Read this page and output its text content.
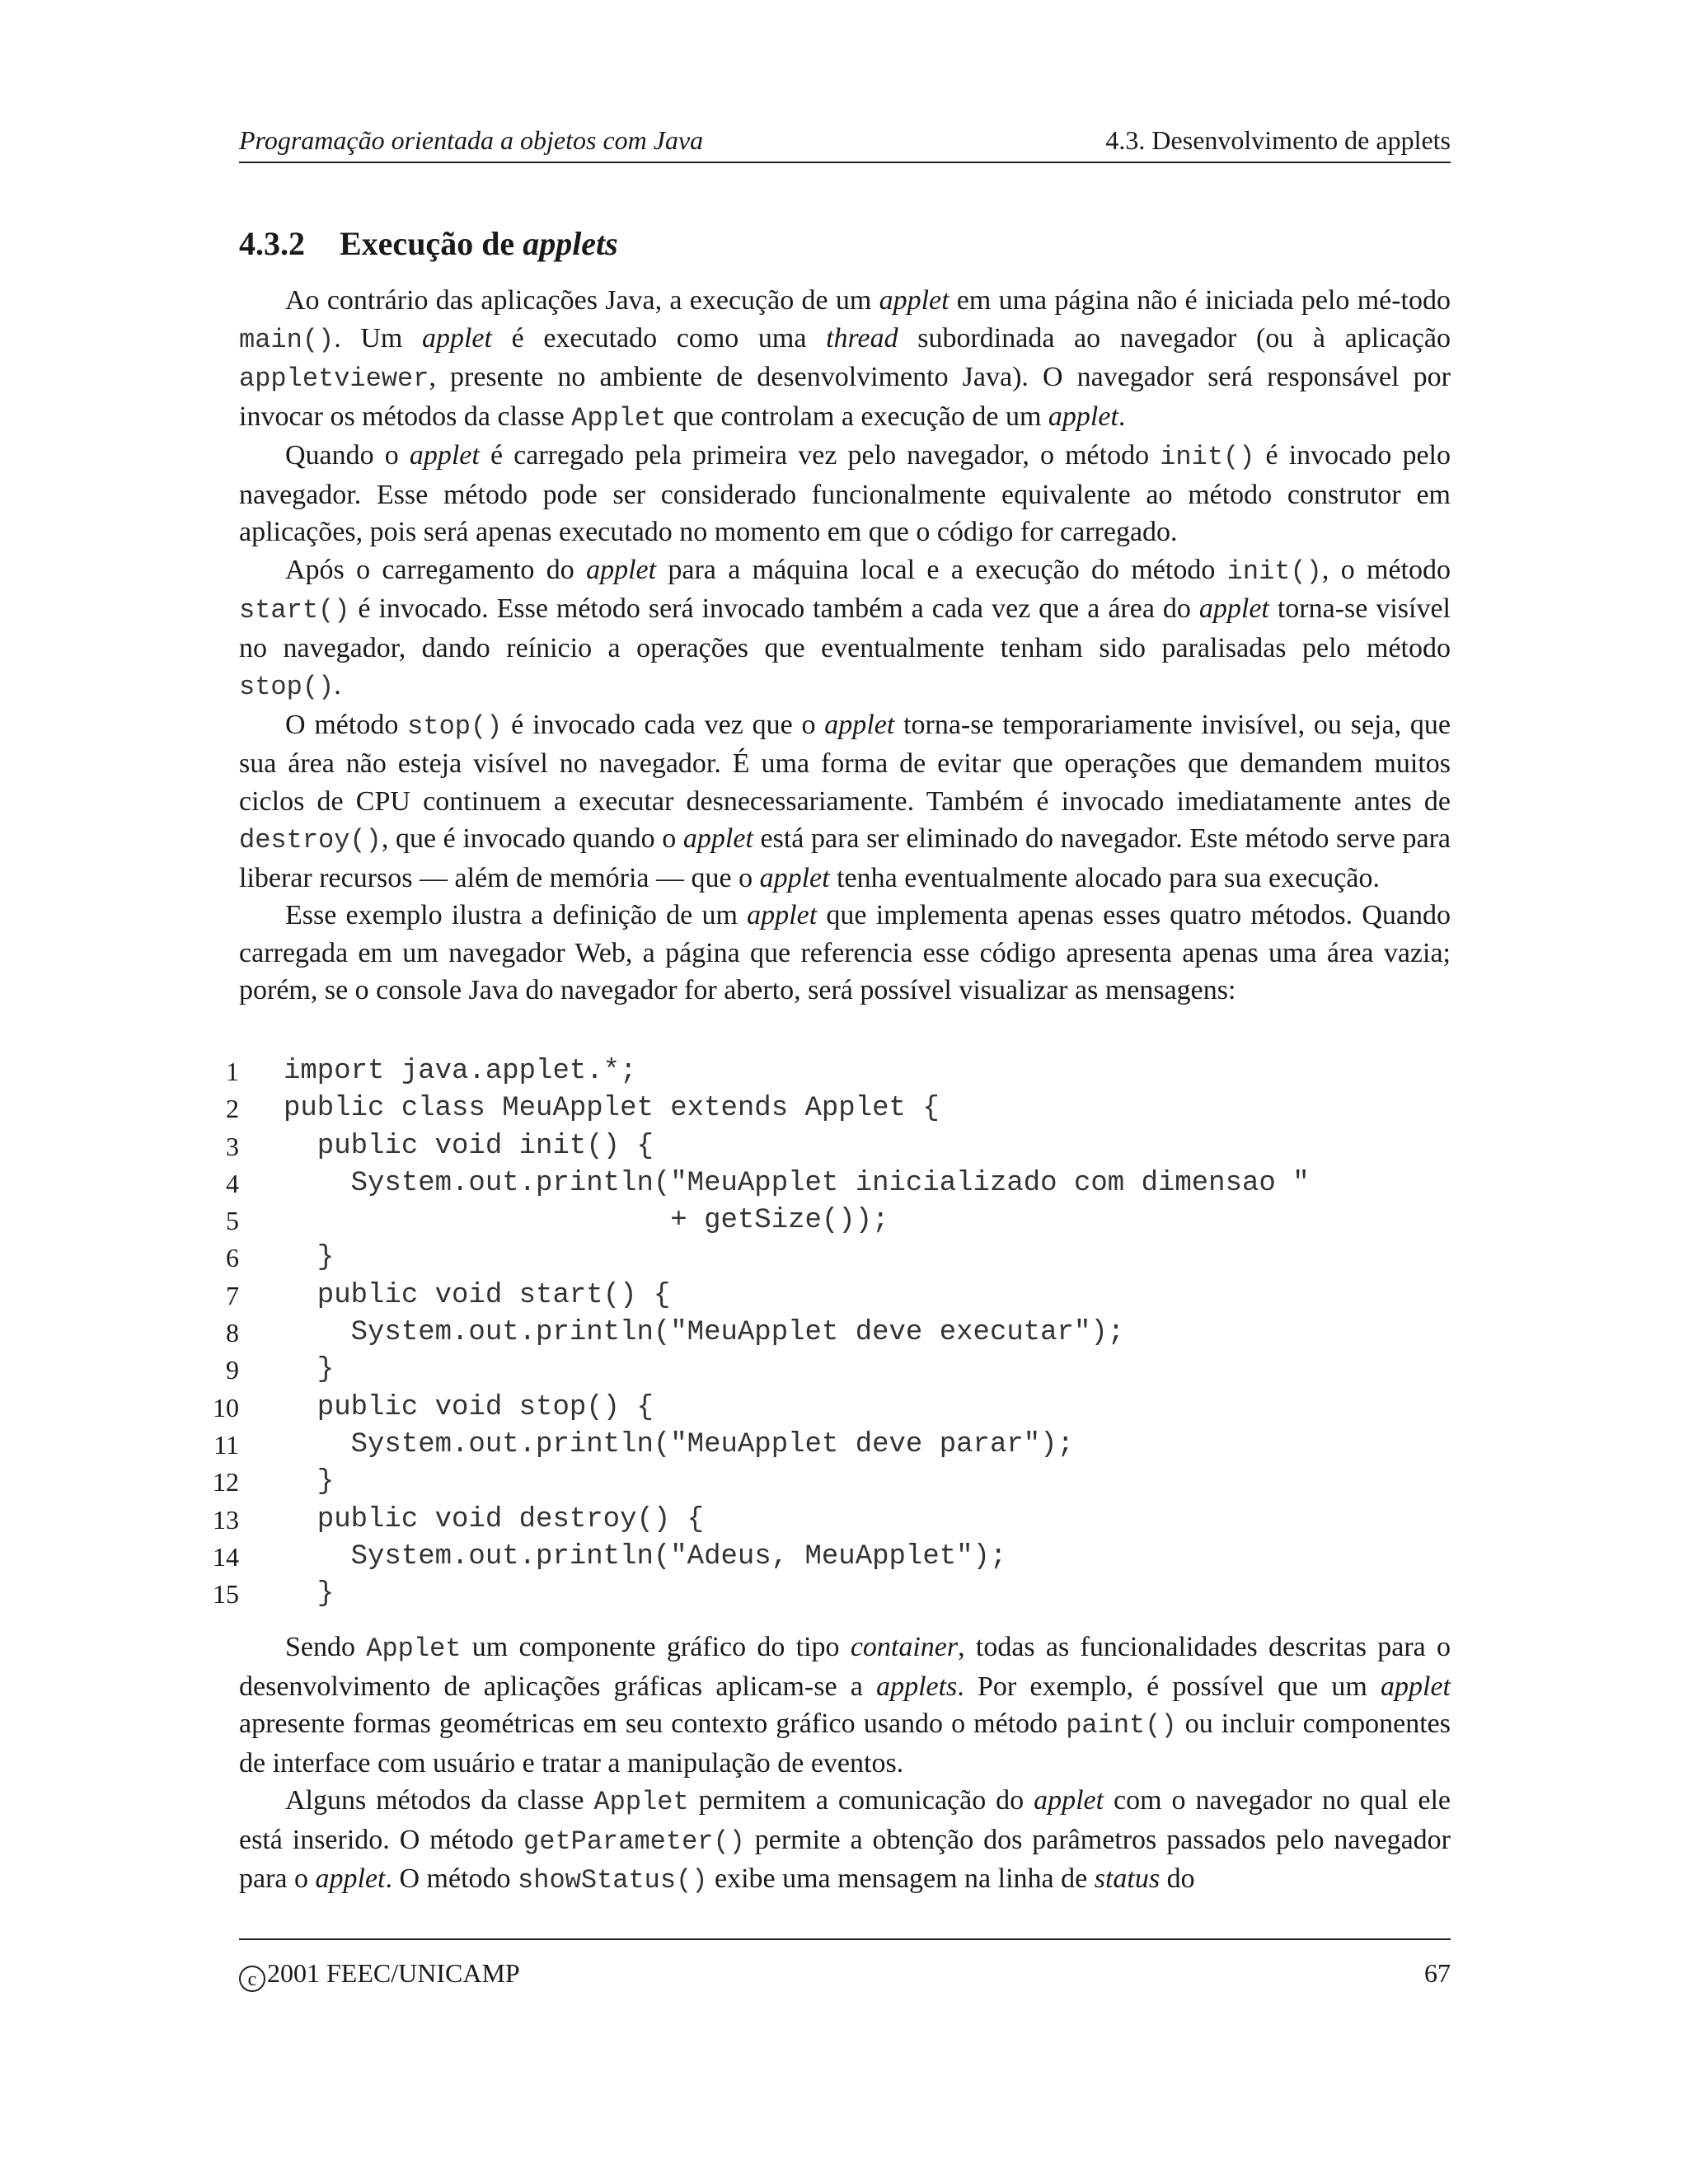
Programação orientada a objetos com Java	4.3. Desenvolvimento de applets
4.3.2 Execução de applets

Ao contrário das aplicações Java, a execução de um applet em uma página não é iniciada pelo mé-todo main(). Um applet é executado como uma thread subordinada ao navegador (ou à aplicação appletviewer, presente no ambiente de desenvolvimento Java). O navegador será responsável por invocar os métodos da classe Applet que controlam a execução de um applet.

Quando o applet é carregado pela primeira vez pelo navegador, o método init() é invocado pelo navegador. Esse método pode ser considerado funcionalmente equivalente ao método construtor em aplicações, pois será apenas executado no momento em que o código for carregado.

Após o carregamento do applet para a máquina local e a execução do método init(), o método start() é invocado. Esse método será invocado também a cada vez que a área do applet torna-se visível no navegador, dando reínicio a operações que eventualmente tenham sido paralisadas pelo método stop().

O método stop() é invocado cada vez que o applet torna-se temporariamente invisível, ou seja, que sua área não esteja visível no navegador. É uma forma de evitar que operações que demandem muitos ciclos de CPU continuem a executar desnecessariamente. Também é invocado imediatamente antes de destroy(), que é invocado quando o applet está para ser eliminado do navegador. Este método serve para liberar recursos — além de memória — que o applet tenha eventualmente alocado para sua execução.

Esse exemplo ilustra a definição de um applet que implementa apenas esses quatro métodos. Quando carregada em um navegador Web, a página que referencia esse código apresenta apenas uma área vazia; porém, se o console Java do navegador for aberto, será possível visualizar as mensagens:

1 import java.applet.*;
2 public class MeuApplet extends Applet {
3 public void init() {
4 System.out.println("MeuApplet inicializado com dimensao "
5 + getSize());
6 }
7 public void start() {
8 System.out.println("MeuApplet deve executar");
9 }
10 public void stop() {
11 System.out.println("MeuApplet deve parar");
12 }
13 public void destroy() {
14 System.out.println("Adeus, MeuApplet");
15 }

Sendo Applet um componente gráfico do tipo container, todas as funcionalidades descritas para o desenvolvimento de aplicações gráficas aplicam-se a applets. Por exemplo, é possível que um applet apresente formas geométricas em seu contexto gráfico usando o método paint() ou incluir componentes de interface com usuário e tratar a manipulação de eventos.

Alguns métodos da classe Applet permitem a comunicação do applet com o navegador no qual ele está inserido. O método getParameter() permite a obtenção dos parâmetros passados pelo navegador para o applet. O método showStatus() exibe uma mensagem na linha de status do

c 2001 FEEC/UNICAMP	67
